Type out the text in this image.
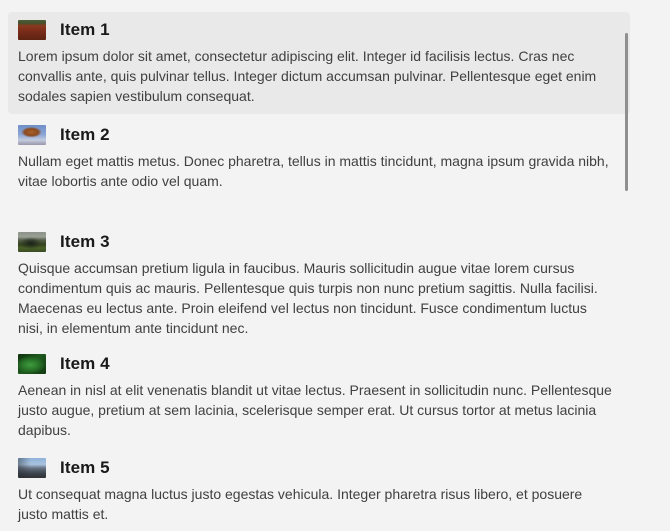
Item 1

Lorem ipsum dolor sit amet, consectetur adipiscing elit. Integer id facilisis lectus. Cras nec convallis ante, quis pulvinar tellus. Integer dictum accumsan pulvinar. Pellentesque eget enim sodales sapien vestibulum consequat.

Item 2

Nullam eget mattis metus. Donec pharetra, tellus in mattis tincidunt, magna ipsum gravida nibh, vitae lobortis ante odio vel quam.

Item 3

Quisque accumsan pretium ligula in faucibus. Mauris sollicitudin augue vitae lorem cursus condimentum quis ac mauris. Pellentesque quis turpis non nunc pretium sagittis. Nulla facilisi. Maecenas eu lectus ante. Proin eleifend vel lectus non tincidunt. Fusce condimentum luctus nisi, in elementum ante tincidunt nec.

Item 4

Aenean in nisl at elit venenatis blandit ut vitae lectus. Praesent in sollicitudin nunc. Pellentesque justo augue, pretium at sem lacinia, scelerisque semper erat. Ut cursus tortor at metus lacinia dapibus.

Item 5

Ut consequat magna luctus justo egestas vehicula. Integer pharetra risus libero, et posuere justo mattis et.
